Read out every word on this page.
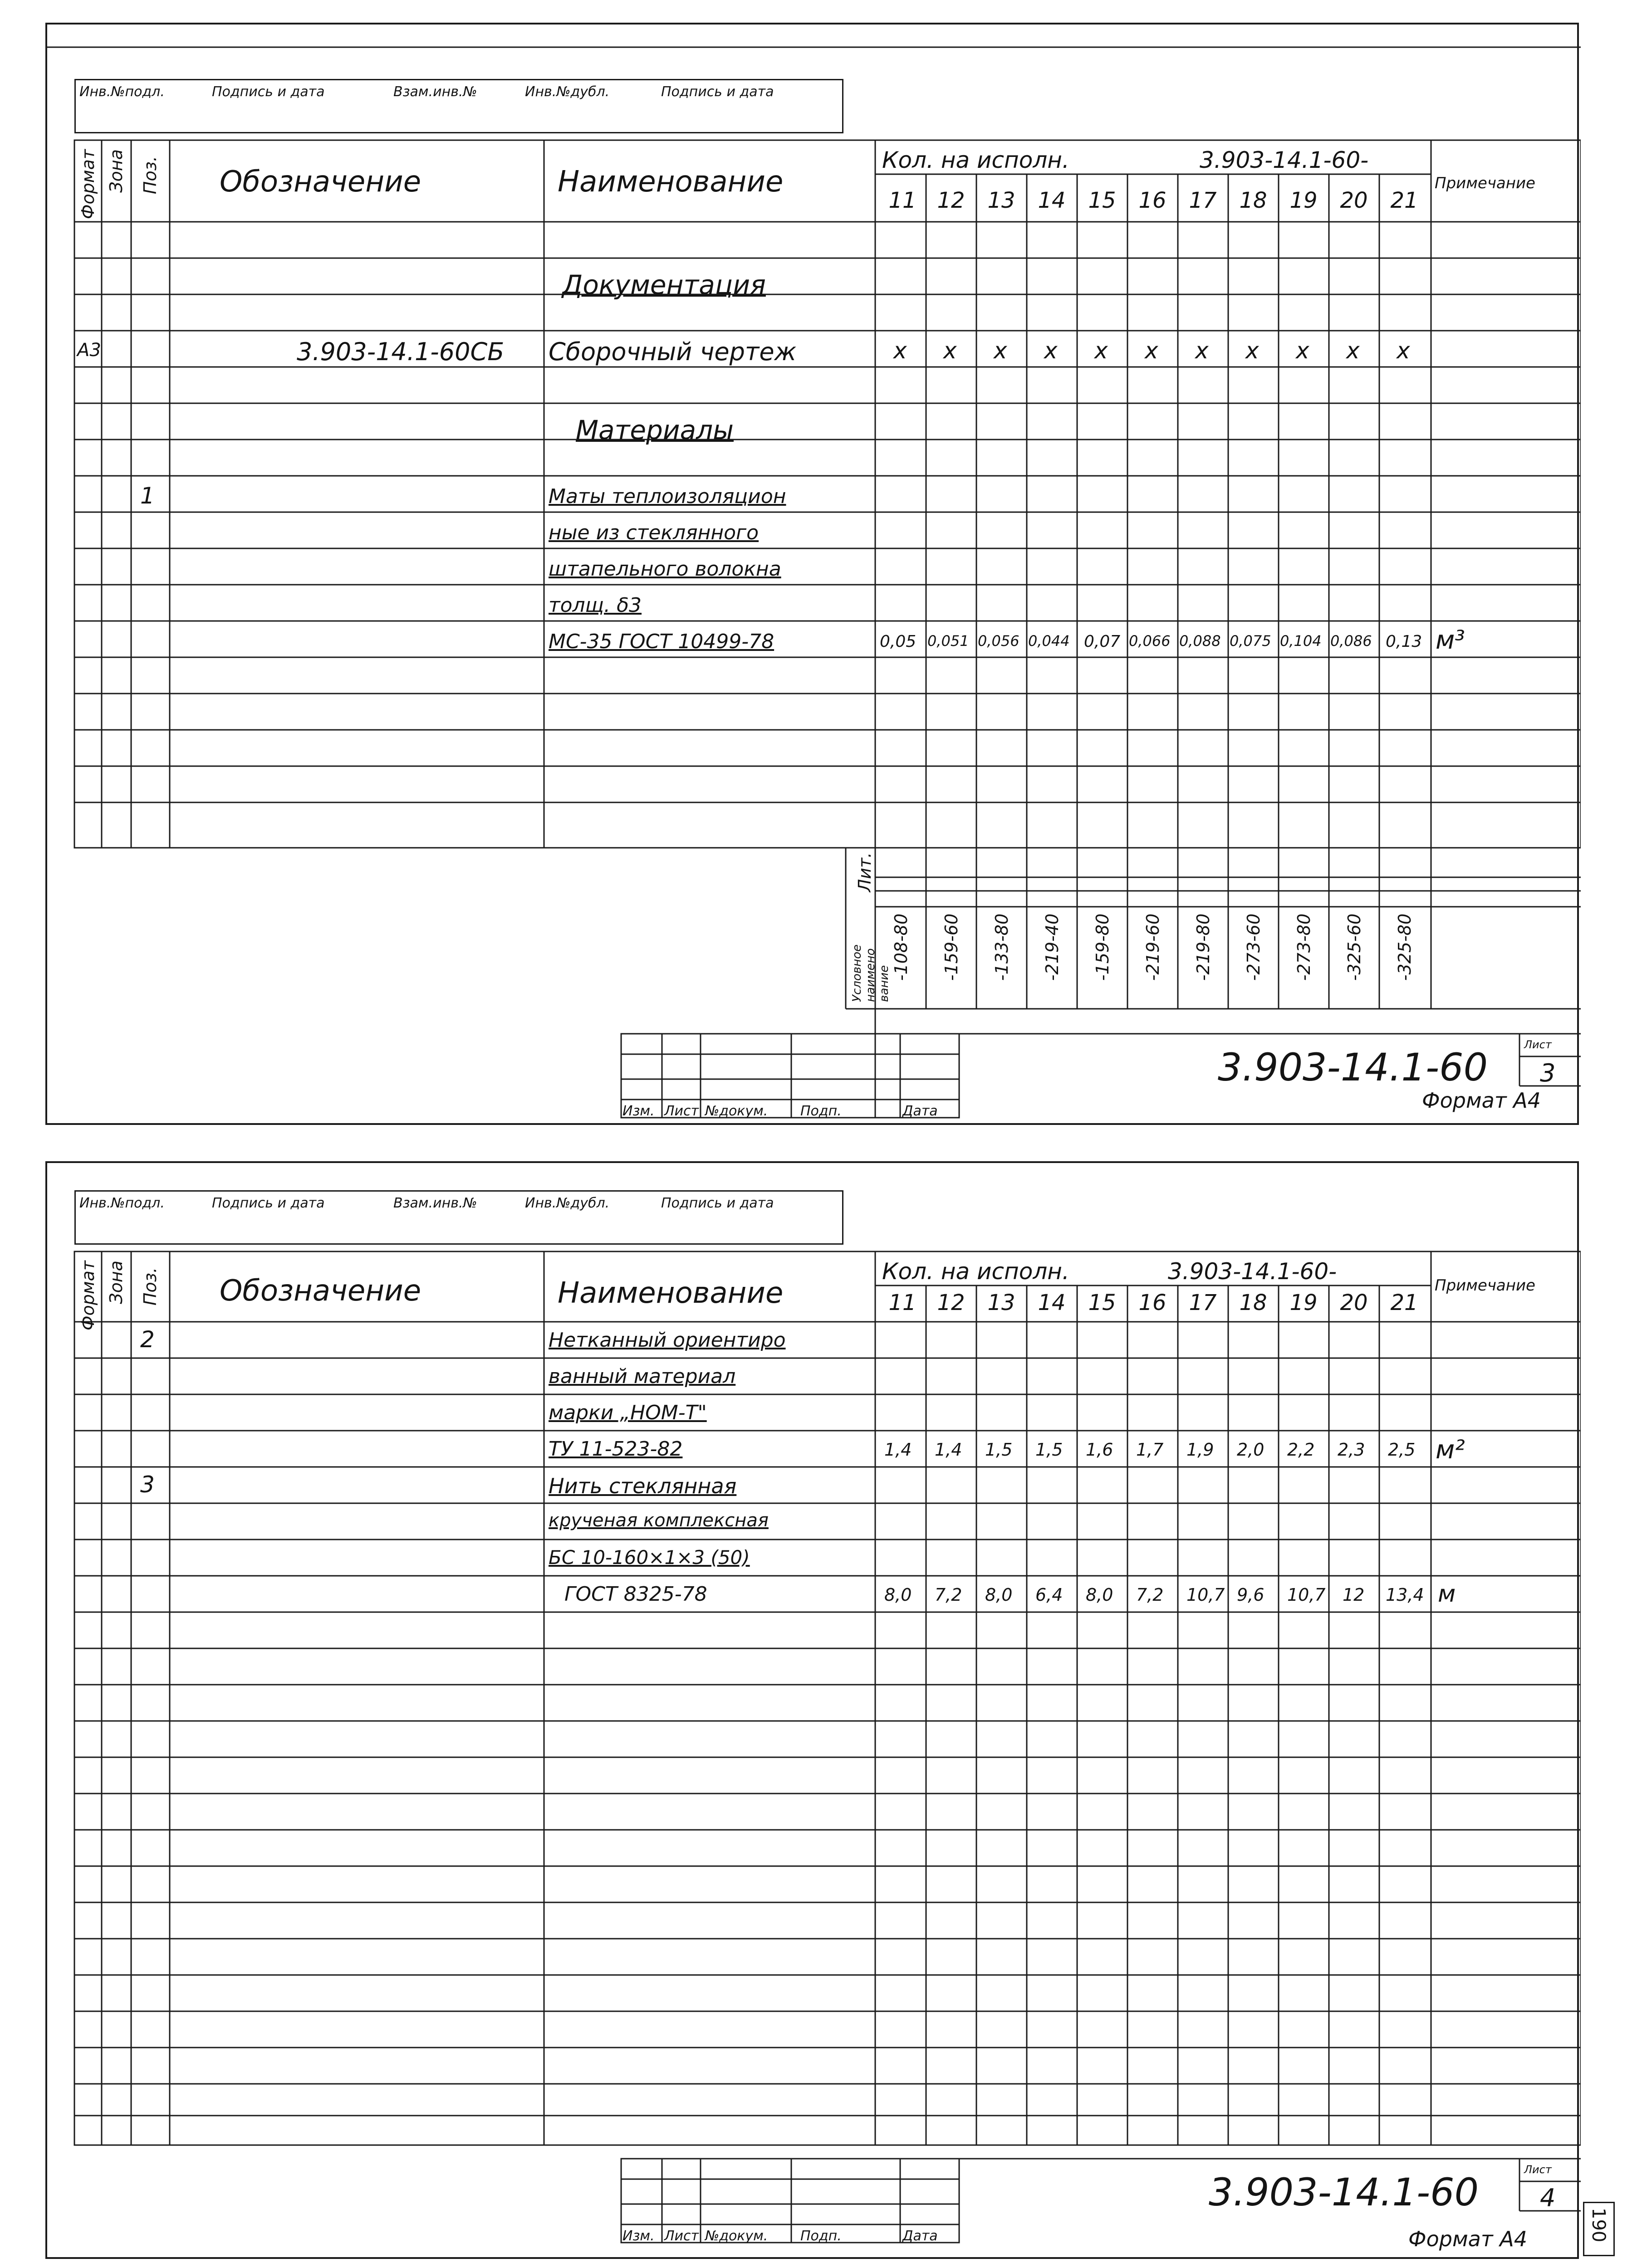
Инв.№подл.	Подпись и дата	Взам.инв.№	Инв.№дубл.	Подпись и дата
Формат Зона Поз. Обозначение	Наименование
Кол. на исполн.	3.903-14.1-60-
Примечание
11 12 13 14 15 16 17 18 19 20 21
Документация
А3	3.903-14.1-60СБ Сборочный чертеж	х х х х х х х х х х х
Материалы
1	Маты теплоизоляцион
ные из стеклянного
штапельного волокна
толщ. δ3
МС-35 ГОСТ 10499-78	0,05 0,051 0,056 0,044 0,07 0,066 0,088 0,075 0,104 0,086 0,13 м³
Лит.
Условное наимено вание
-108-80 -159-60 -133-80 -219-40 -159-80 -219-60 -219-80 -273-60 -273-80 -325-60 -325-80
Изм. Лист №докум. Подп.	Дата
3.903-14.1-60
Лист
3
Формат А4
Инв.№подл.	Подпись и дата	Взам.инв.№	Инв.№дубл.	Подпись и дата
Формат Зона Поз. Обозначение	Наименование
Кол. на исполн.	3.903-14.1-60-
Примечание
11 12 13 14 15 16 17 18 19 20 21
2	Нетканный ориентиро
ванный материал
марки „НОМ-Т"
ТУ 11-523-82	1,4 1,4 1,5 1,5 1,6 1,7 1,9 2,0 2,2 2,3 2,5 м²
3	Нить стеклянная
крученая комплексная
БС 10-160×1×3 (50)
ГОСТ 8325-78	8,0 7,2 8,0 6,4 8,0 7,2 10,7 9,6 10,7 12 13,4 м
Изм. Лист №докум. Подп.	Дата
3.903-14.1-60
Лист
4
Формат А4	190
